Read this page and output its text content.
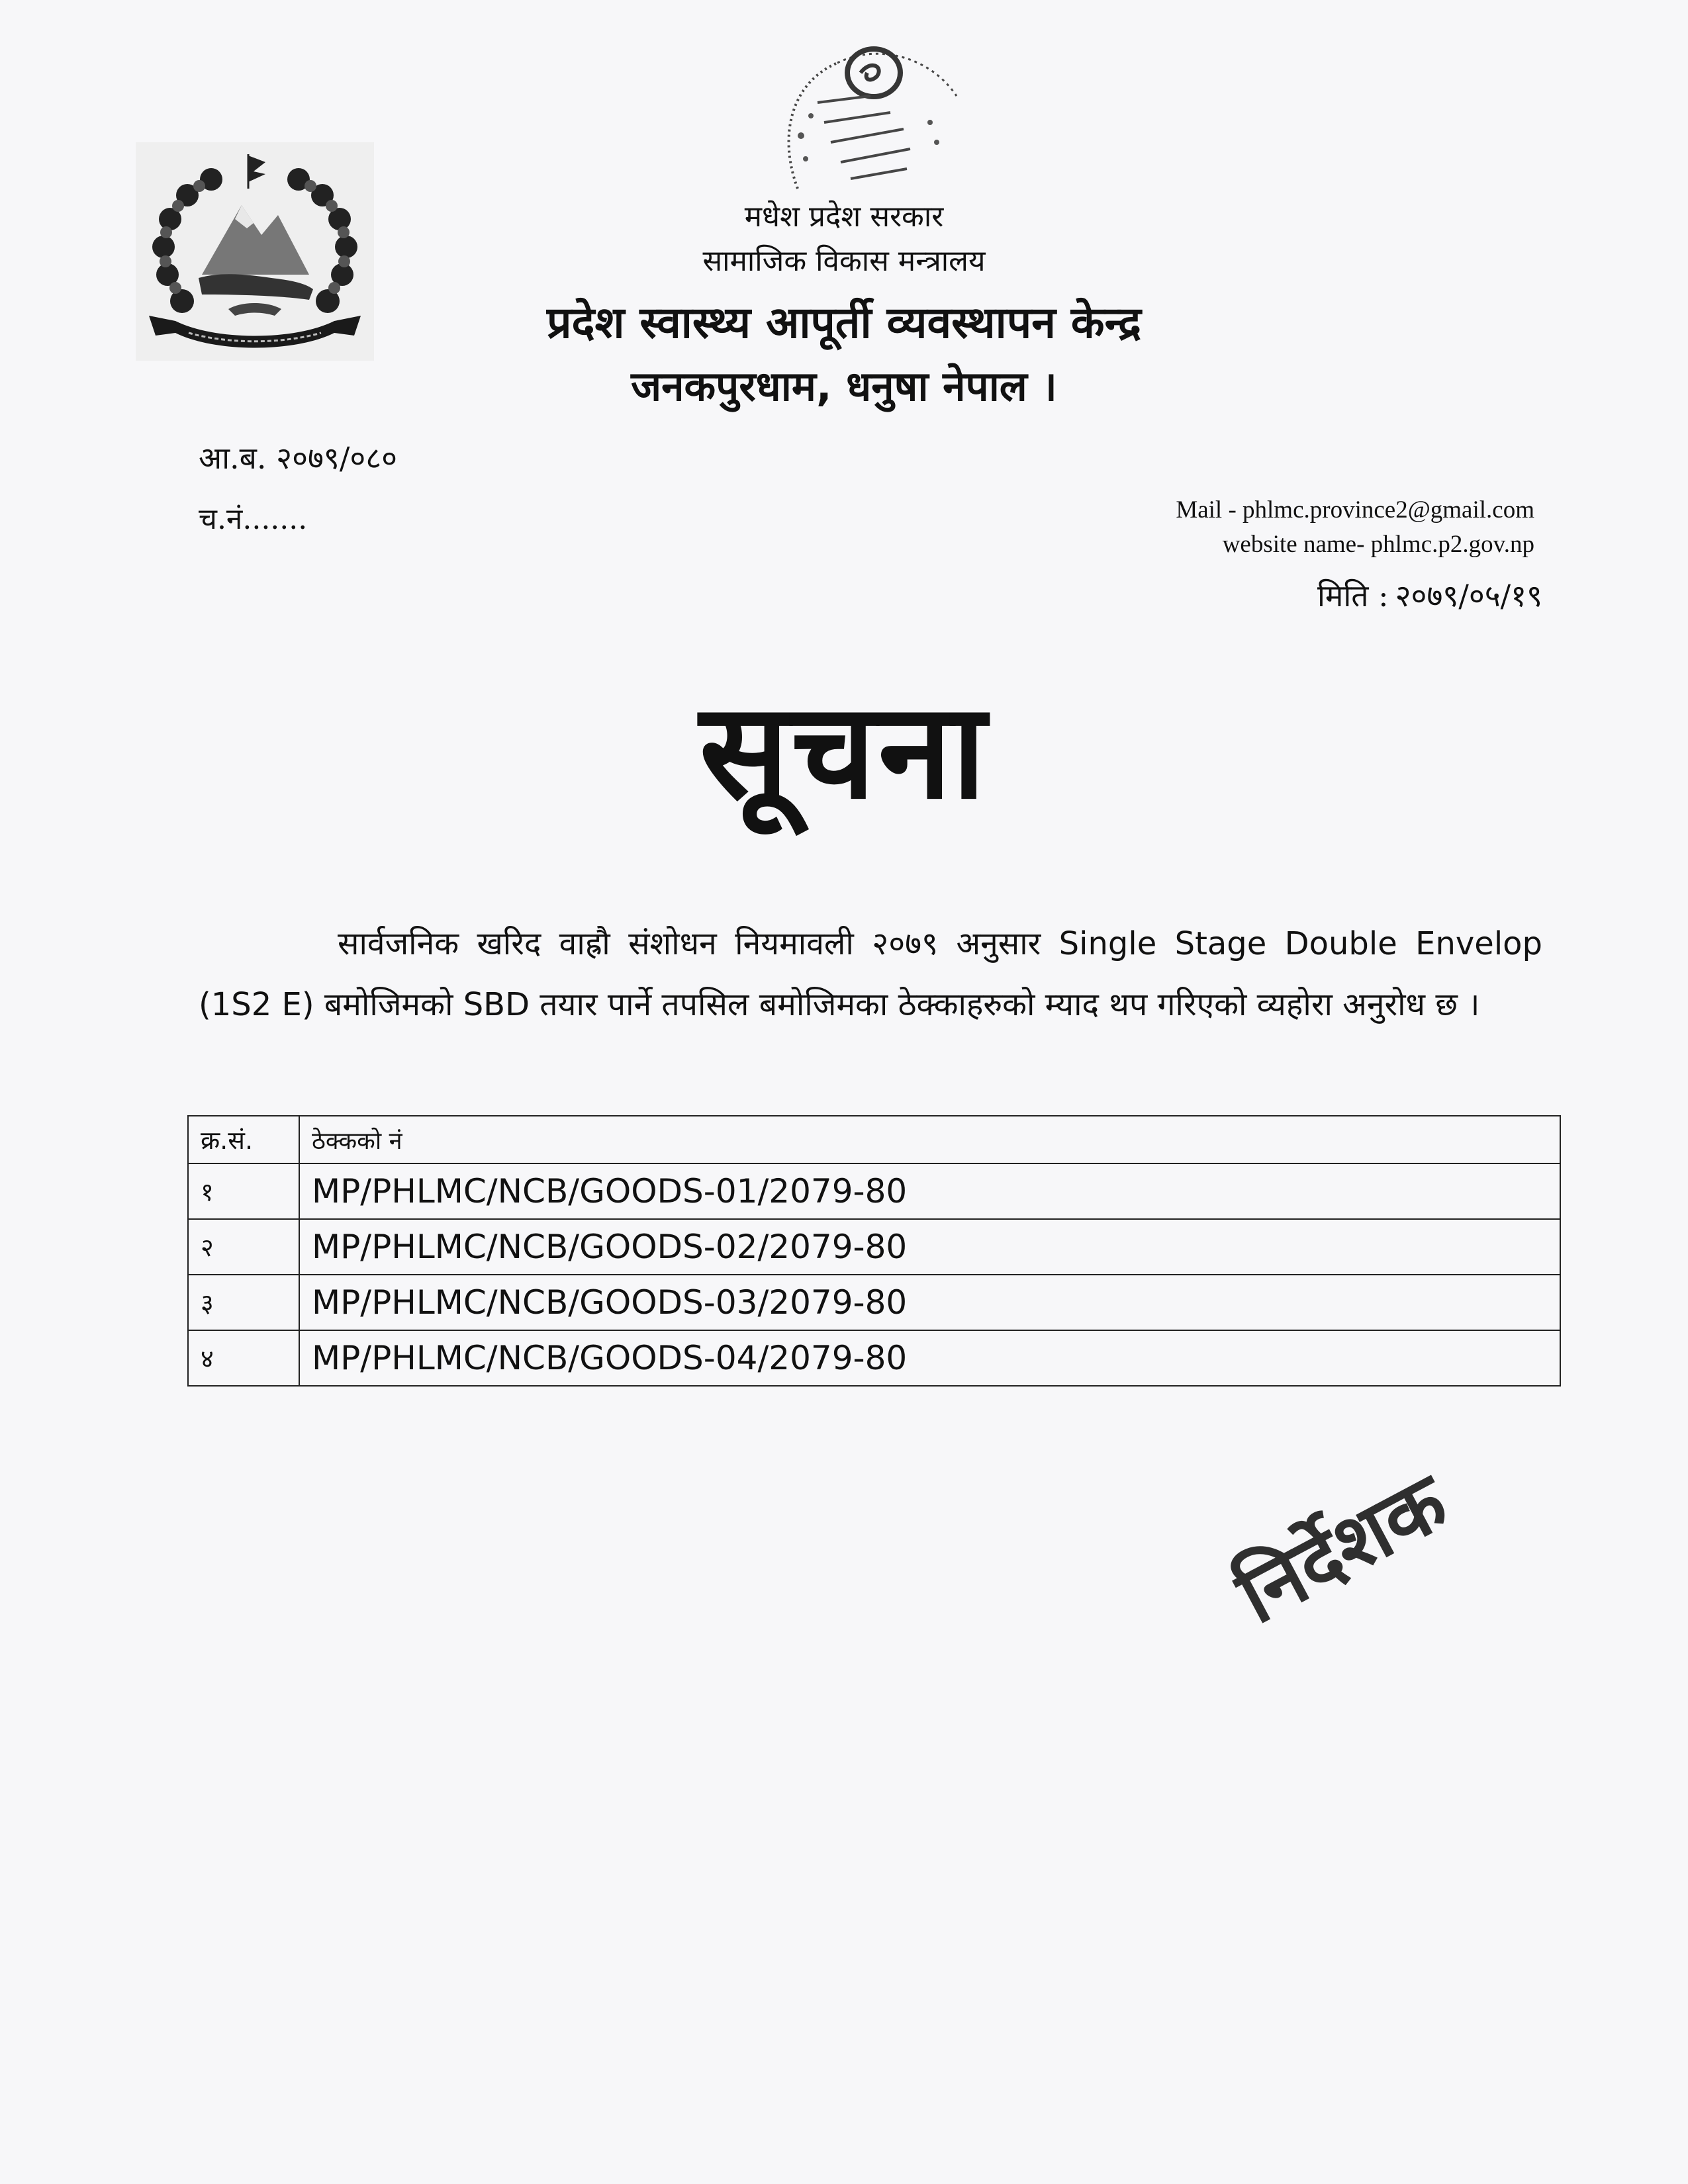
मधेश प्रदेश सरकार
सामाजिक विकास मन्त्रालय
प्रदेश स्वास्थ्य आपूर्ती व्यवस्थापन केन्द्र
जनकपुरधाम, धनुषा नेपाल ।
आ.ब. २०७९/०८०
च.नं.......	Mail - phlmc.province2@gmail.com
website name- phlmc.p2.gov.np
मिति : २०७९/०५/१९
सूचना
सार्वजनिक खरिद वाह्रौ संशोधन नियमावली २०७९ अनुसार Single Stage Double Envelop (1S2 E) बमोजिमको SBD तयार पार्ने तपसिल बमोजिमका ठेक्काहरुको म्याद थप गरिएको व्यहोरा अनुरोध छ ।
क्र.सं.	ठेक्कको नं
१	MP/PHLMC/NCB/GOODS-01/2079-80
२	MP/PHLMC/NCB/GOODS-02/2079-80
३	MP/PHLMC/NCB/GOODS-03/2079-80
४	MP/PHLMC/NCB/GOODS-04/2079-80
निर्देशक
